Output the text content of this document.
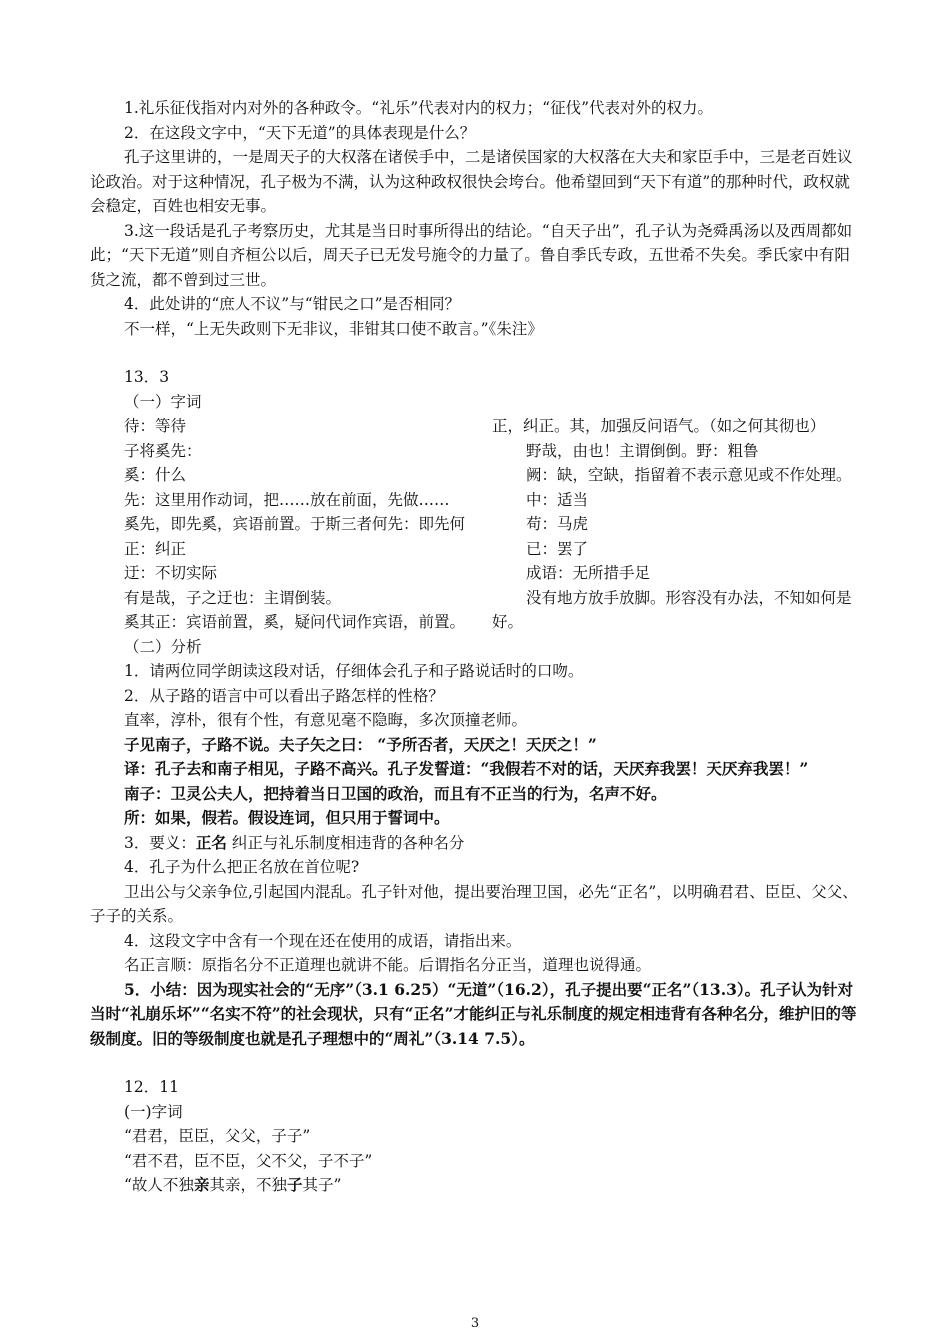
1.礼乐征伐指对内对外的各种政令。“礼乐”代表对内的权力；“征伐”代表对外的权力。

2．在这段文字中，“天下无道”的具体表现是什么？

孔子这里讲的，一是周天子的大权落在诸侯手中，二是诸侯国家的大权落在大夫和家臣手中，三是老百姓议论政治。对于这种情况，孔子极为不满，认为这种政权很快会垮台。他希望回到“天下有道”的那种时代，政权就会稳定，百姓也相安无事。

3.这一段话是孔子考察历史，尤其是当日时事所得出的结论。“自天子出”，孔子认为尧舜禹汤以及西周都如此；“天下无道”则自齐桓公以后，周天子已无发号施令的力量了。鲁自季氏专政，五世希不失矣。季氏家中有阳货之流，都不曾到过三世。

4．此处讲的“庶人不议”与“钳民之口”是否相同？

不一样，“上无失政则下无非议，非钳其口使不敢言。”《朱注》

13．3

（一）字词

待：等待

子将奚先：

奚：什么

先：这里用作动词，把……放在前面，先做……

奚先，即先奚，宾语前置。于斯三者何先：即先何

正：纠正

迂：不切实际

有是哉，子之迂也：主谓倒装。

奚其正：宾语前置，奚，疑问代词作宾语，前置。

正，纠正。其，加强反问语气。（如之何其彻也）

野哉，由也！主谓倒倒。野：粗鲁

阙：缺，空缺，指留着不表示意见或不作处理。

中：适当

苟：马虎

已：罢了

成语：无所措手足

没有地方放手放脚。形容没有办法，不知如何是好。

（二）分析

1．请两位同学朗读这段对话，仔细体会孔子和子路说话时的口吻。

2．从子路的语言中可以看出子路怎样的性格？

直率，淳朴，很有个性，有意见毫不隐晦，多次顶撞老师。

子见南子，子路不说。夫子矢之曰： “予所否者，天厌之！天厌之！”

译：孔子去和南子相见，子路不高兴。孔子发誓道：“我假若不对的话，天厌弃我罢！天厌弃我罢！”

南子：卫灵公夫人，把持着当日卫国的政治，而且有不正当的行为，名声不好。

所：如果，假若。假设连词，但只用于誓词中。

3．要义：正名 纠正与礼乐制度相违背的各种名分

4．孔子为什么把正名放在首位呢?

卫出公与父亲争位,引起国内混乱。孔子针对他，提出要治理卫国，必先“正名”，以明确君君、臣臣、父父、子子的关系。

4．这段文字中含有一个现在还在使用的成语，请指出来。

名正言顺：原指名分不正道理也就讲不能。后谓指名分正当，道理也说得通。

5．小结：因为现实社会的“无序”（3.1 6.25）“无道”（16.2），孔子提出要“正名”（13.3）。孔子认为针对当时“礼崩乐坏”“名实不符”的社会现状，只有“正名”才能纠正与礼乐制度的规定相违背有各种名分，维护旧的等级制度。旧的等级制度也就是孔子理想中的“周礼”（3.14 7.5）。

12．11

(一)字词

“君君，臣臣，父父，子子”

“君不君，臣不臣，父不父，子不子”

“故人不独亲其亲，不独子其子”

3
